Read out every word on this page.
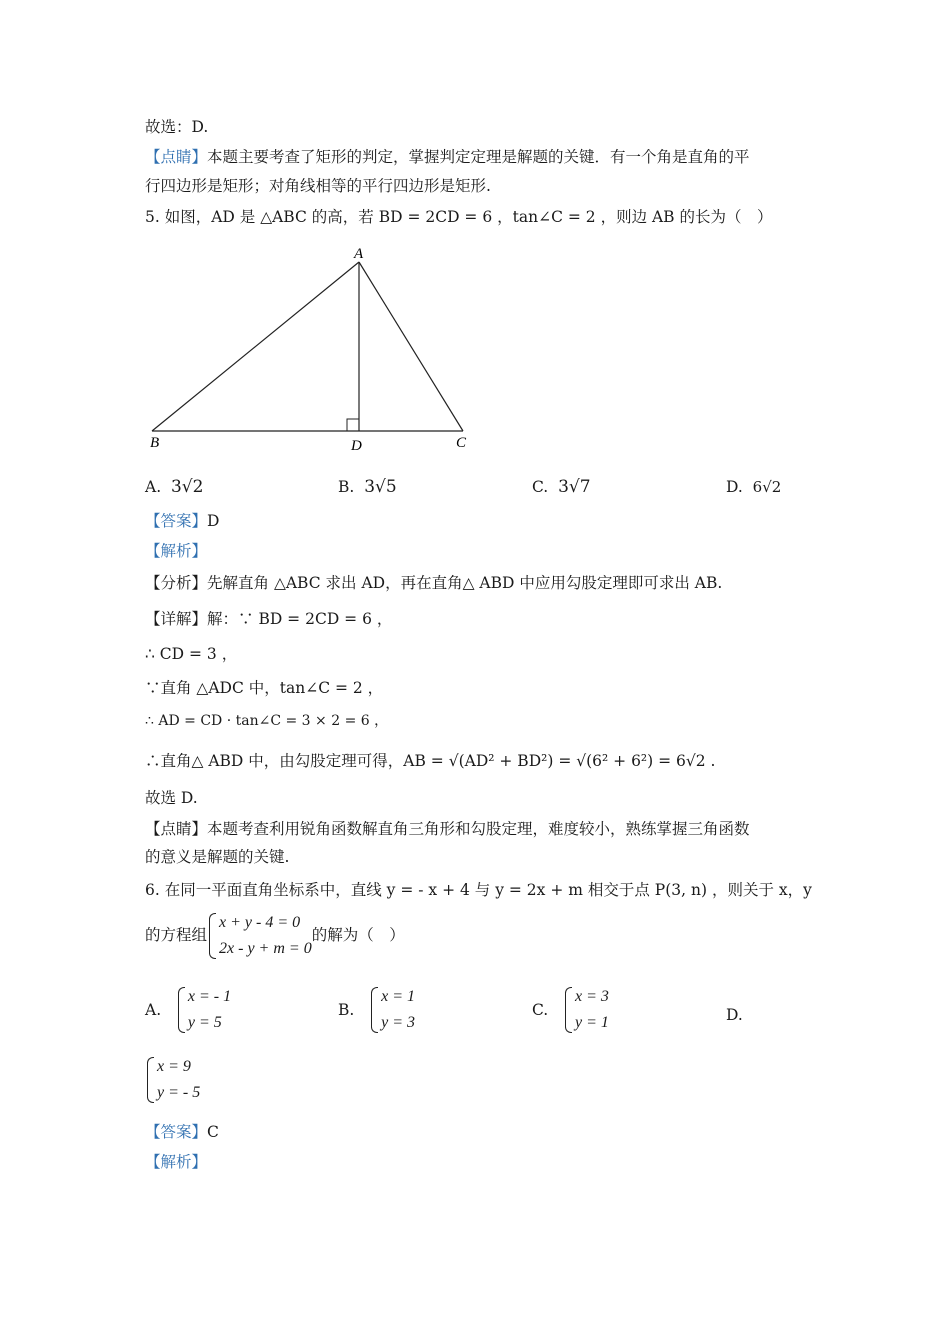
故选：D.
【点睛】本题主要考查了矩形的判定，掌握判定定理是解题的关键．有一个角是直角的平
行四边形是矩形；对角线相等的平行四边形是矩形.
5. 如图，AD 是 △ABC 的高，若 BD = 2CD = 6 ，tan∠C = 2 ，则边 AB 的长为（　）
A
B	D	C
A. 3√2	B. 3√5	C. 3√7	D. 6√2
【答案】D
【解析】
【分析】先解直角 △ABC 求出 AD，再在直角△ ABD 中应用勾股定理即可求出 AB.
【详解】解：∵ BD = 2CD = 6 ，
∴ CD = 3 ，
∵直角 △ADC 中，tan∠C = 2 ，
∴ AD = CD · tan∠C = 3 × 2 = 6 ，
∴直角△ ABD 中，由勾股定理可得，AB = √(AD² + BD²) = √(6² + 6²) = 6√2 .
故选 D.
【点睛】本题考查利用锐角函数解直角三角形和勾股定理，难度较小，熟练掌握三角函数
的意义是解题的关键.
6. 在同一平面直角坐标系中，直线 y = - x + 4 与 y = 2x + m 相交于点 P(3, n) ，则关于 x，y
的方程组
x + y - 4 = 0
2x - y + m = 0
的解为（　）
A.
x = - 1
y = 5
B.
x = 1
y = 3
C.
x = 3
y = 1	D.
x = 9
y = - 5
【答案】C
【解析】
